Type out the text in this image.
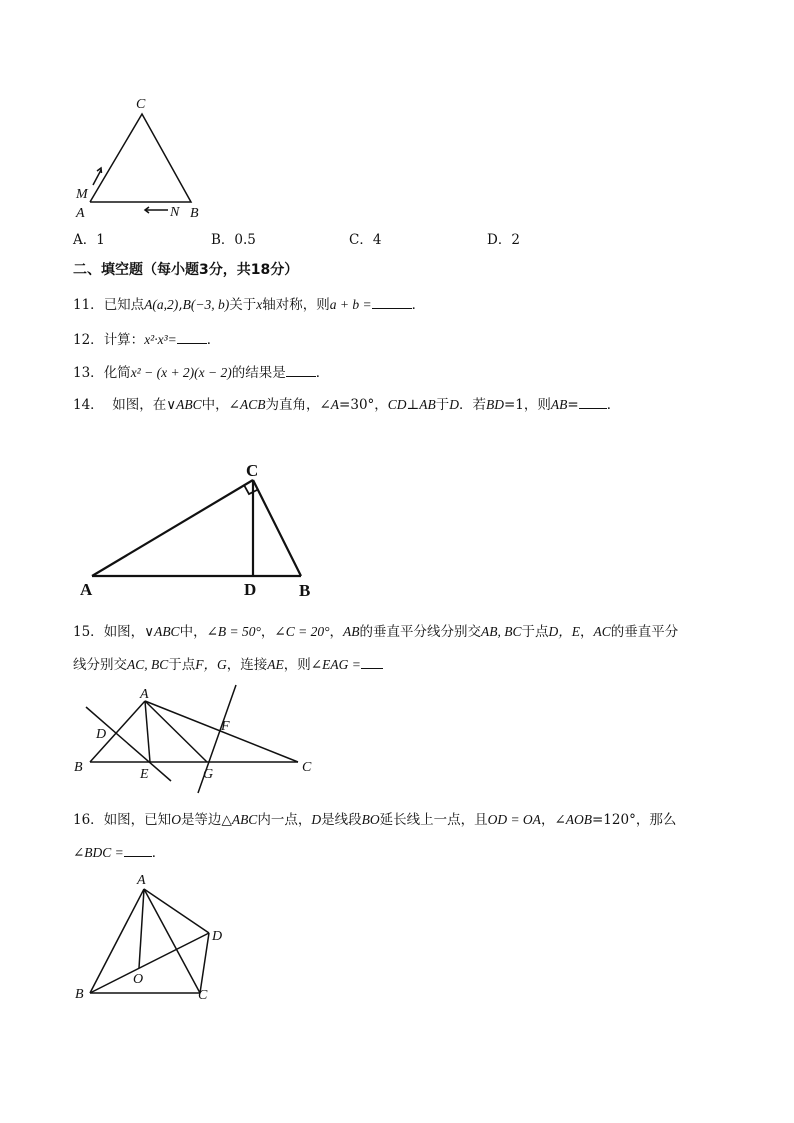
C
M
A	N B
A．1	B．0.5	C．4	D．2
二、填空题（每小题3分，共18分）
11．已知点A(a,2),B(−3, b)关于x轴对称，则a + b =	．
12．计算：x²·x³= ．
13．化简x² − (x + 2)(x − 2)的结果是 ．
14． 如图，在∨ABC中，∠ACB为直角，∠A=30°，CD⊥AB于D．若BD=1，则AB= ．
C
A	D	B
15．如图，∨ABC中，∠B = 50°，∠C = 20°，AB的垂直平分线分别交AB, BC于点D，E，AC的垂直平分
线分别交AC, BC于点F，G，连接AE，则∠EAG =
A
D
F
B	E	G	C
16．如图，已知O是等边△ABC内一点，D是线段BO延长线上一点，且OD = OA，∠AOB=120°，那么
∠BDC = ．
A
D
O
B	C
